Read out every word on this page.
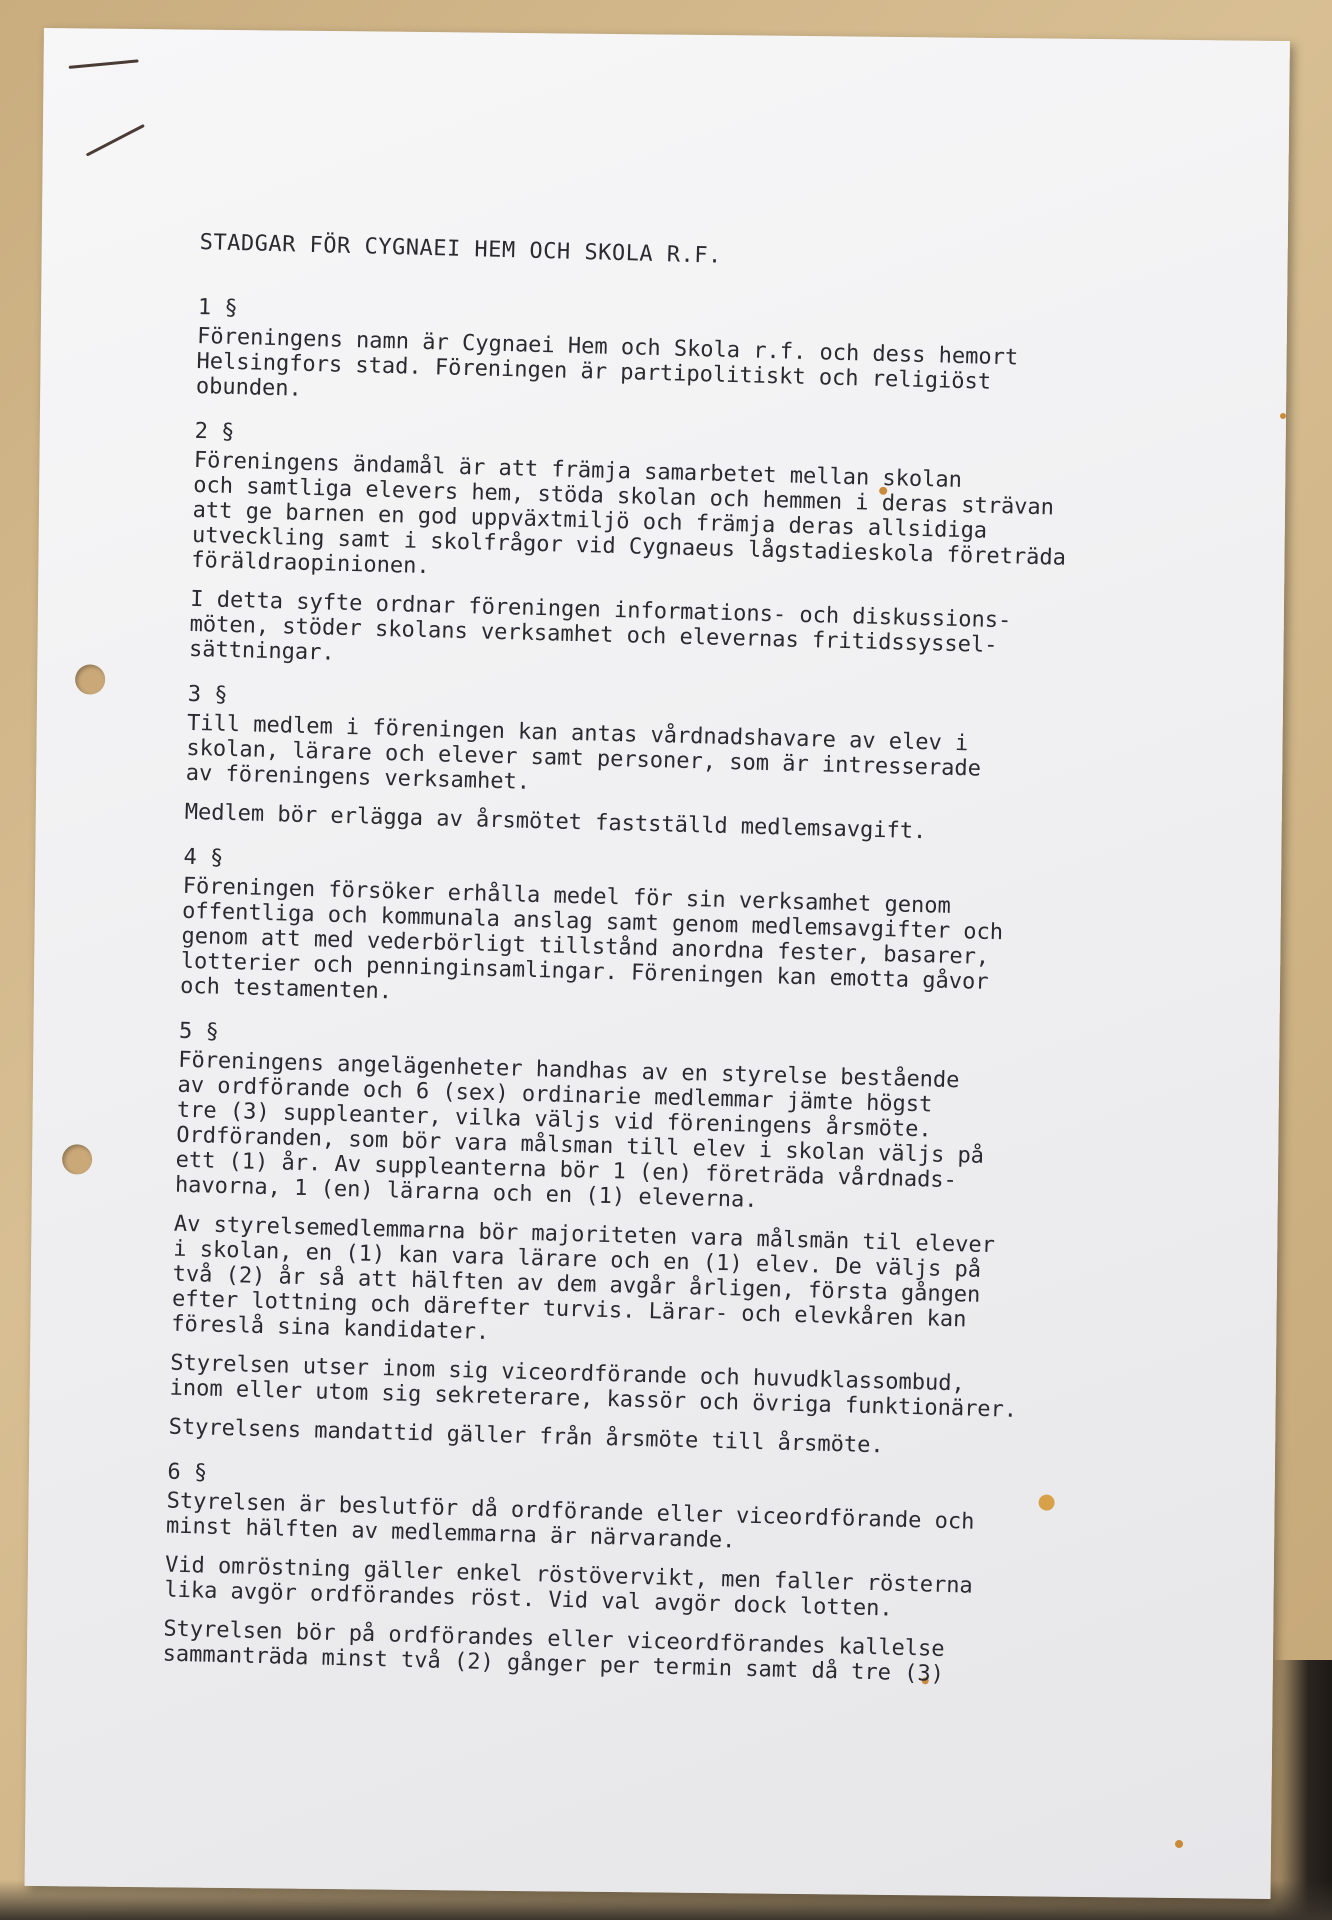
STADGAR FÖR CYGNAEI HEM OCH SKOLA R.F.

1 §

Föreningens namn är Cygnaei Hem och Skola r.f. och dess hemort
Helsingfors stad. Föreningen är partipolitiskt och religiöst
obunden.

2 §

Föreningens ändamål är att främja samarbetet mellan skolan
och samtliga elevers hem, stöda skolan och hemmen i deras strävan
att ge barnen en god uppväxtmiljö och främja deras allsidiga
utveckling samt i skolfrågor vid Cygnaeus lågstadieskola företräda
föräldraopinionen.

I detta syfte ordnar föreningen informations- och diskussions-
möten, stöder skolans verksamhet och elevernas fritidssyssel-
sättningar.

3 §

Till medlem i föreningen kan antas vårdnadshavare av elev i
skolan, lärare och elever samt personer, som är intresserade
av föreningens verksamhet.

Medlem bör erlägga av årsmötet fastställd medlemsavgift.

4 §

Föreningen försöker erhålla medel för sin verksamhet genom
offentliga och kommunala anslag samt genom medlemsavgifter och
genom att med vederbörligt tillstånd anordna fester, basarer,
lotterier och penninginsamlingar. Föreningen kan emotta gåvor
och testamenten.

5 §

Föreningens angelägenheter handhas av en styrelse bestående
av ordförande och 6 (sex) ordinarie medlemmar jämte högst
tre (3) suppleanter, vilka väljs vid föreningens årsmöte.
Ordföranden, som bör vara målsman till elev i skolan väljs på
ett (1) år. Av suppleanterna bör 1 (en) företräda vårdnads-
havorna, 1 (en) lärarna och en (1) eleverna.

Av styrelsemedlemmarna bör majoriteten vara målsmän til elever
i skolan, en (1) kan vara lärare och en (1) elev. De väljs på
två (2) år så att hälften av dem avgår årligen, första gången
efter lottning och därefter turvis. Lärar- och elevkåren kan
föreslå sina kandidater.

Styrelsen utser inom sig viceordförande och huvudklassombud,
inom eller utom sig sekreterare, kassör och övriga funktionärer.

Styrelsens mandattid gäller från årsmöte till årsmöte.

6 §

Styrelsen är beslutför då ordförande eller viceordförande och
minst hälften av medlemmarna är närvarande.

Vid omröstning gäller enkel röstövervikt, men faller rösterna
lika avgör ordförandes röst. Vid val avgör dock lotten.

Styrelsen bör på ordförandes eller viceordförandes kallelse
sammanträda minst två (2) gånger per termin samt då tre (3)
